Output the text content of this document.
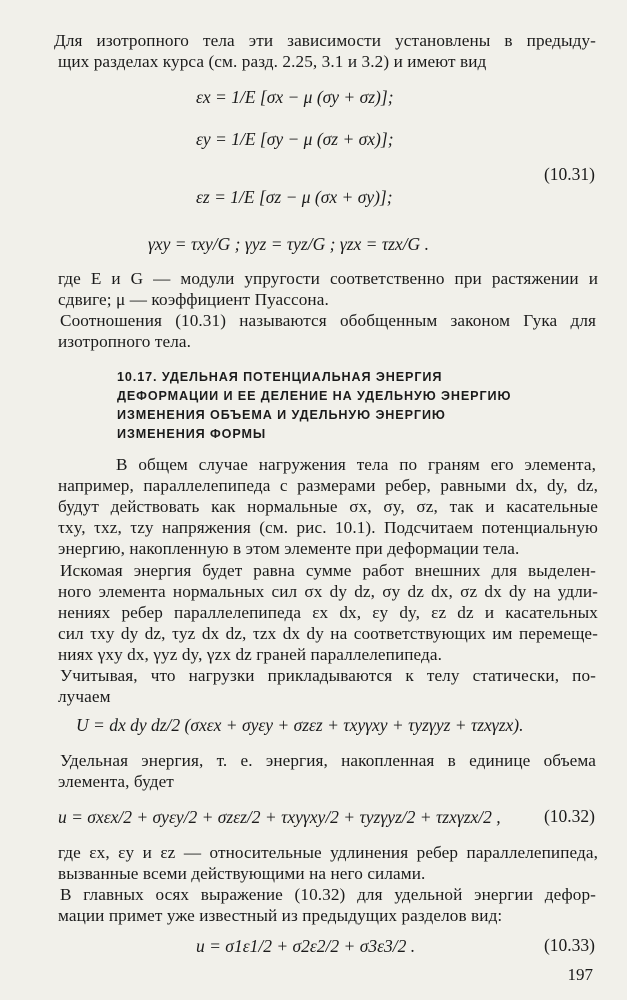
Для изотропного тела эти зависимости установлены в предыду-
щих разделах курса (см. разд. 2.25, 3.1 и 3.2) и имеют вид
εx = 1/E [σx − μ (σy + σz)];
εy = 1/E [σy − μ (σz + σx)];
(10.31)
εz = 1/E [σz − μ (σx + σy)];
γxy = τxy/G ; γyz = τyz/G ; γzx = τzx/G .
где E и G — модули упругости соответственно при растяжении и
сдвиге; μ — коэффициент Пуассона.
Соотношения (10.31) называются обобщенным законом Гука для
изотропного тела.
10.17. УДЕЛЬНАЯ ПОТЕНЦИАЛЬНАЯ ЭНЕРГИЯ
ДЕФОРМАЦИИ И ЕЕ ДЕЛЕНИЕ НА УДЕЛЬНУЮ ЭНЕРГИЮ
ИЗМЕНЕНИЯ ОБЪЕМА И УДЕЛЬНУЮ ЭНЕРГИЮ
ИЗМЕНЕНИЯ ФОРМЫ
В общем случае нагружения тела по граням его элемента,
например, параллелепипеда с размерами ребер, равными dx, dy, dz,
будут действовать как нормальные σx, σy, σz, так и касательные
τxy, τxz, τzy напряжения (см. рис. 10.1). Подсчитаем потенциальную
энергию, накопленную в этом элементе при деформации тела.
Искомая энергия будет равна сумме работ внешних для выделен-
ного элемента нормальных сил σx dy dz, σy dz dx, σz dx dy на удли-
нениях ребер параллелепипеда εx dx, εy dy, εz dz и касательных
сил τxy dy dz, τyz dx dz, τzx dx dy на соответствующих им перемеще-
ниях γxy dx, γyz dy, γzx dz граней параллелепипеда.
Учитывая, что нагрузки прикладываются к телу статически, по-
лучаем
U = dx dy dz/2 (σxεx + σyεy + σzεz + τxyγxy + τyzγyz + τzxγzx).
Удельная энергия, т. е. энергия, накопленная в единице объема
элемента, будет
u = σxεx/2 + σyεy/2 + σzεz/2 + τxyγxy/2 + τyzγyz/2 + τzxγzx/2 , (10.32)
где εx, εy и εz — относительные удлинения ребер параллелепипеда,
вызванные всеми действующими на него силами.
В главных осях выражение (10.32) для удельной энергии дефор-
мации примет уже известный из предыдущих разделов вид:
u = σ1ε1/2 + σ2ε2/2 + σ3ε3/2 .	(10.33)
197
